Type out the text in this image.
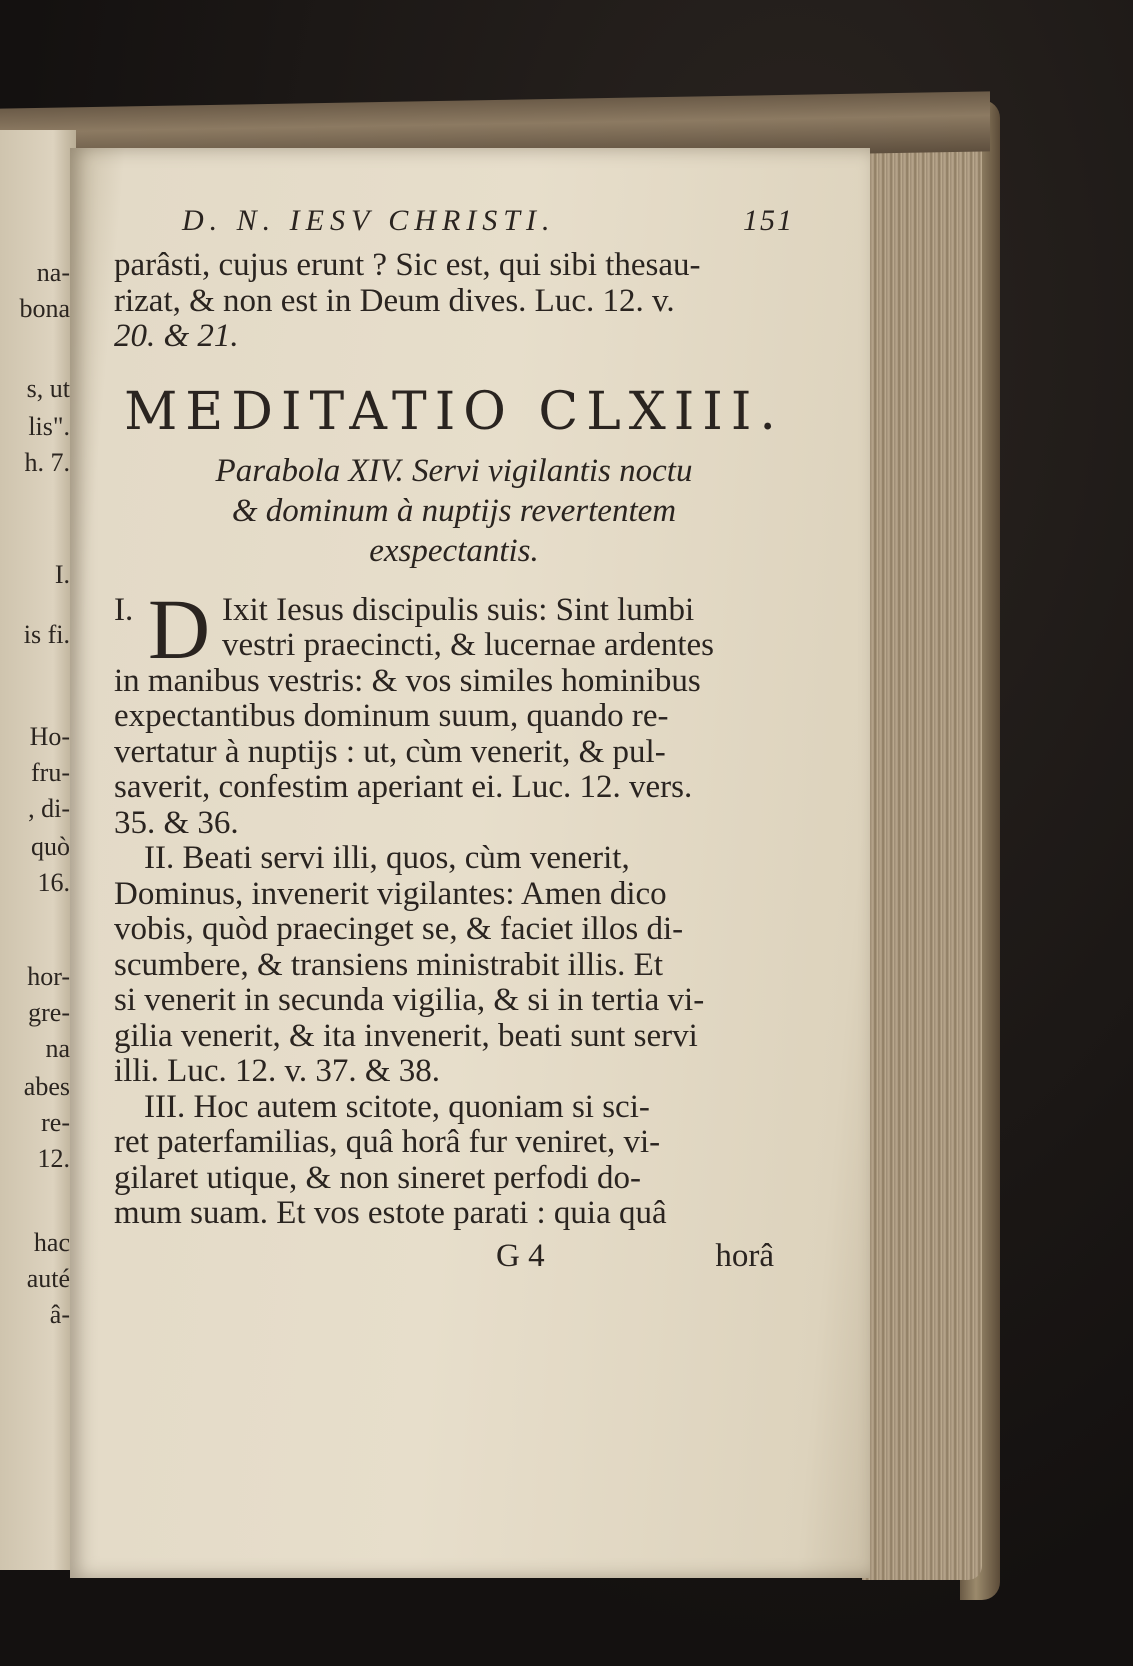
na-
bona
s, ut
lis".
h. 7.
I.
is fi.
Ho-
fru-
, di-
quò
16.
hor-
gre-
na
abes
re-
12.
hac
auté
â-
D. N. IESV CHRISTI.	151
parâsti, cujus erunt ? Sic est, qui sibi thesau-
rizat, & non est in Deum dives. Luc. 12. v.
20. & 21.
MEDITATIO CLXIII.
Parabola XIV. Servi vigilantis noctu
& dominum à nuptijs revertentem
exspectantis.
I. D Ixit Iesus discipulis suis: Sint lumbi
vestri praecincti, & lucernae ardentes
in manibus vestris: & vos similes hominibus
expectantibus dominum suum, quando re-
vertatur à nuptijs : ut, cùm venerit, & pul-
saverit, confestim aperiant ei. Luc. 12. vers.
35. & 36.
II. Beati servi illi, quos, cùm venerit,
Dominus, invenerit vigilantes: Amen dico
vobis, quòd praecinget se, & faciet illos di-
scumbere, & transiens ministrabit illis. Et
si venerit in secunda vigilia, & si in tertia vi-
gilia venerit, & ita invenerit, beati sunt servi
illi. Luc. 12. v. 37. & 38.
III. Hoc autem scitote, quoniam si sci-
ret paterfamilias, quâ horâ fur veniret, vi-
gilaret utique, & non sineret perfodi do-
mum suam. Et vos estote parati : quia quâ
G 4	horâ
